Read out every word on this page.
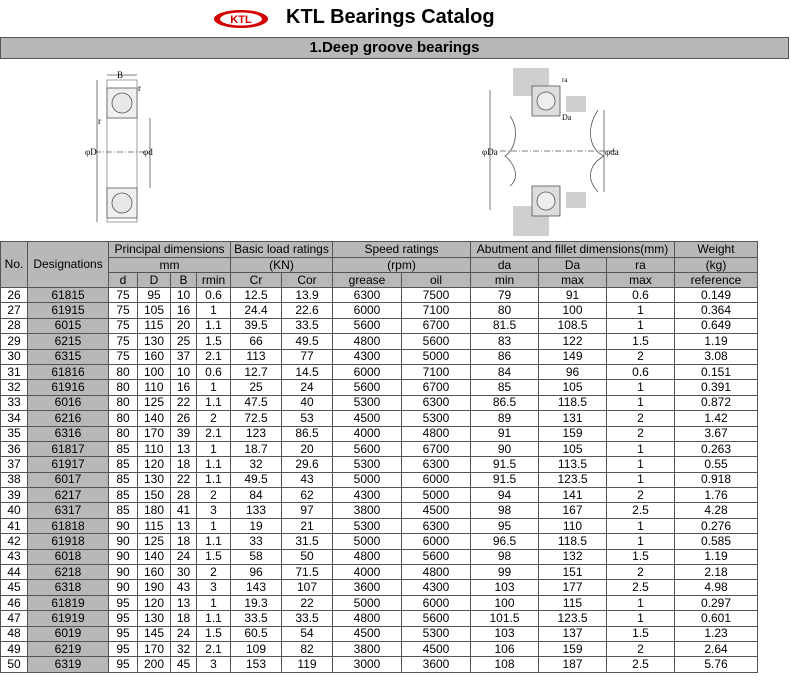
KTL KTL Bearings Catalog
1.Deep groove bearings
B
r
r
φD	φd
ra
Da
φDa	φda
No.	Designations	Principal dimensions				Basic load ratings		Speed ratings		Abutment and fillet dimensions(mm)			Weight
		mm				(KN)		(rpm)		da	Da	ra	(kg)
		d	D	B	rmin	Cr	Cor	grease	oil	min	max	max	reference
26	61815	75	95	10	0.6	12.5	13.9	6300	7500	79	91	0.6	0.149
27	61915	75	105	16	1	24.4	22.6	6000	7100	80	100	1	0.364
28	6015	75	115	20	1.1	39.5	33.5	5600	6700	81.5	108.5	1	0.649
29	6215	75	130	25	1.5	66	49.5	4800	5600	83	122	1.5	1.19
30	6315	75	160	37	2.1	113	77	4300	5000	86	149	2	3.08
31	61816	80	100	10	0.6	12.7	14.5	6000	7100	84	96	0.6	0.151
32	61916	80	110	16	1	25	24	5600	6700	85	105	1	0.391
33	6016	80	125	22	1.1	47.5	40	5300	6300	86.5	118.5	1	0.872
34	6216	80	140	26	2	72.5	53	4500	5300	89	131	2	1.42
35	6316	80	170	39	2.1	123	86.5	4000	4800	91	159	2	3.67
36	61817	85	110	13	1	18.7	20	5600	6700	90	105	1	0.263
37	61917	85	120	18	1.1	32	29.6	5300	6300	91.5	113.5	1	0.55
38	6017	85	130	22	1.1	49.5	43	5000	6000	91.5	123.5	1	0.918
39	6217	85	150	28	2	84	62	4300	5000	94	141	2	1.76
40	6317	85	180	41	3	133	97	3800	4500	98	167	2.5	4.28
41	61818	90	115	13	1	19	21	5300	6300	95	110	1	0.276
42	61918	90	125	18	1.1	33	31.5	5000	6000	96.5	118.5	1	0.585
43	6018	90	140	24	1.5	58	50	4800	5600	98	132	1.5	1.19
44	6218	90	160	30	2	96	71.5	4000	4800	99	151	2	2.18
45	6318	90	190	43	3	143	107	3600	4300	103	177	2.5	4.98
46	61819	95	120	13	1	19.3	22	5000	6000	100	115	1	0.297
47	61919	95	130	18	1.1	33.5	33.5	4800	5600	101.5	123.5	1	0.601
48	6019	95	145	24	1.5	60.5	54	4500	5300	103	137	1.5	1.23
49	6219	95	170	32	2.1	109	82	3800	4500	106	159	2	2.64
50	6319	95	200	45	3	153	119	3000	3600	108	187	2.5	5.76
